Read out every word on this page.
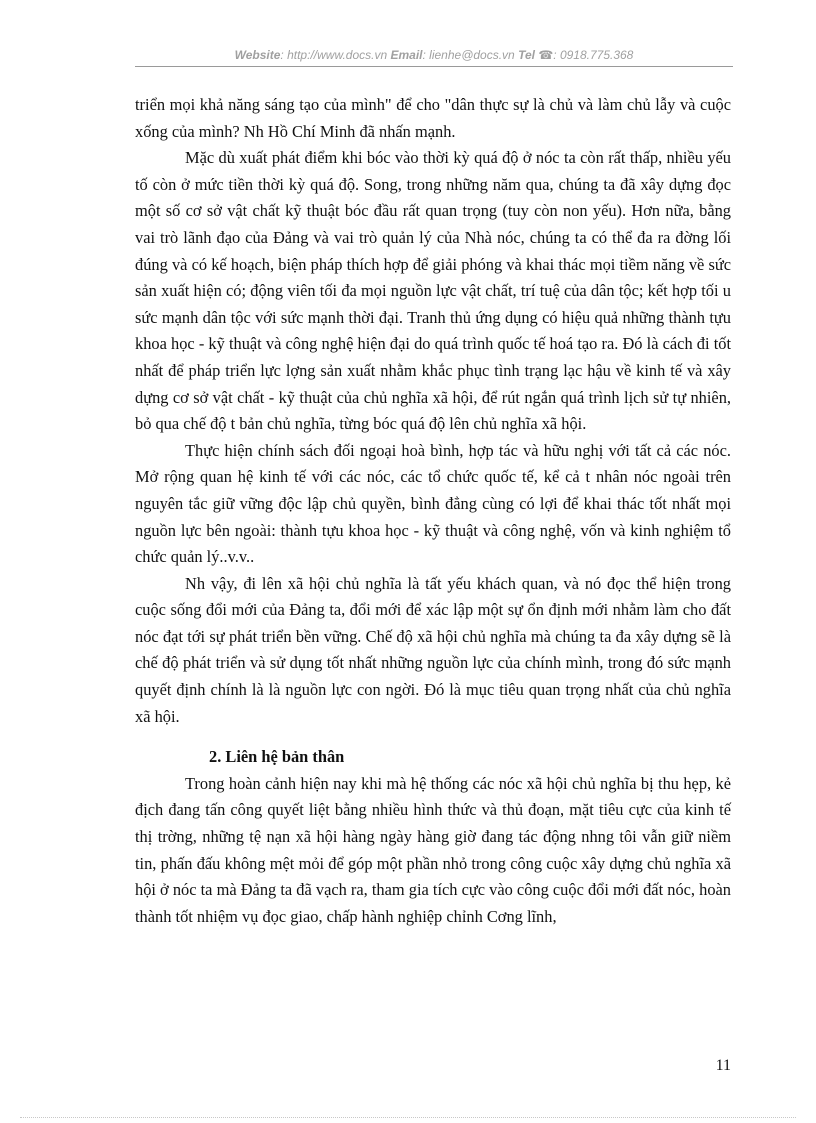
Website: http://www.docs.vn Email: lienhe@docs.vn Tel ☎: 0918.775.368

triển mọi khả năng sáng tạo của mình" để cho "dân thực sự là chủ và làm chủ lẫy và cuộc xống của mình? Nh Hồ Chí Minh đã nhấn mạnh.

Mặc dù xuất phát điểm khi bóc vào thời kỳ quá độ ở nóc ta còn rất thấp, nhiều yếu tố còn ở mức tiền thời kỳ quá độ. Song, trong những năm qua, chúng ta đã xây dựng đọc một số cơ sở vật chất kỹ thuật bóc đầu rất quan trọng (tuy còn non yếu). Hơn nữa, bằng vai trò lãnh đạo của Đảng và vai trò quản lý của Nhà nóc, chúng ta có thể đa ra đờng lối đúng và có kế hoạch, biện pháp thích hợp để giải phóng và khai thác mọi tiềm năng về sức sản xuất hiện có; động viên tối đa mọi nguồn lực vật chất, trí tuệ của dân tộc; kết hợp tối u sức mạnh dân tộc với sức mạnh thời đại. Tranh thủ ứng dụng có hiệu quả những thành tựu khoa học - kỹ thuật và công nghệ hiện đại do quá trình quốc tế hoá tạo ra. Đó là cách đi tốt nhất để pháp triển lực lợng sản xuất nhằm khắc phục tình trạng lạc hậu về kinh tế và xây dựng cơ sở vật chất - kỹ thuật của chủ nghĩa xã hội, để rút ngắn quá trình lịch sử tự nhiên, bỏ qua chế độ t bản chủ nghĩa, từng bóc quá độ lên chủ nghĩa xã hội.

Thực hiện chính sách đối ngoại hoà bình, hợp tác và hữu nghị với tất cả các nóc. Mở rộng quan hệ kinh tế với các nóc, các tổ chức quốc tế, kể cả t nhân nóc ngoài trên nguyên tắc giữ vững độc lập chủ quyền, bình đẳng cùng có lợi để khai thác tốt nhất mọi nguồn lực bên ngoài: thành tựu khoa học - kỹ thuật và công nghệ, vốn và kinh nghiệm tổ chức quản lý..v.v..

Nh vậy, đi lên xã hội chủ nghĩa là tất yếu khách quan, và nó đọc thể hiện trong cuộc sống đổi mới của Đảng ta, đổi mới để xác lập một sự ổn định mới nhằm làm cho đất nóc đạt tới sự phát triển bền vững. Chế độ xã hội chủ nghĩa mà chúng ta đa xây dựng sẽ là chế độ phát triển và sử dụng tốt nhất những nguồn lực của chính mình, trong đó sức mạnh quyết định chính là là nguồn lực con ngời. Đó là mục tiêu quan trọng nhất của chủ nghĩa xã hội.

2. Liên hệ bản thân

Trong hoàn cảnh hiện nay khi mà hệ thống các nóc xã hội chủ nghĩa bị thu hẹp, kẻ địch đang tấn công quyết liệt bằng nhiều hình thức và thủ đoạn, mặt tiêu cực của kinh tế thị trờng, những tệ nạn xã hội hàng ngày hàng giờ đang tác động nhng tôi vẫn giữ niềm tin, phấn đấu không mệt mỏi để góp một phần nhỏ trong công cuộc xây dựng chủ nghĩa xã hội ở nóc ta mà Đảng ta đã vạch ra, tham gia tích cực vào công cuộc đổi mới đất nóc, hoàn thành tốt nhiệm vụ đọc giao, chấp hành nghiệp chỉnh Cơng lĩnh,

11
